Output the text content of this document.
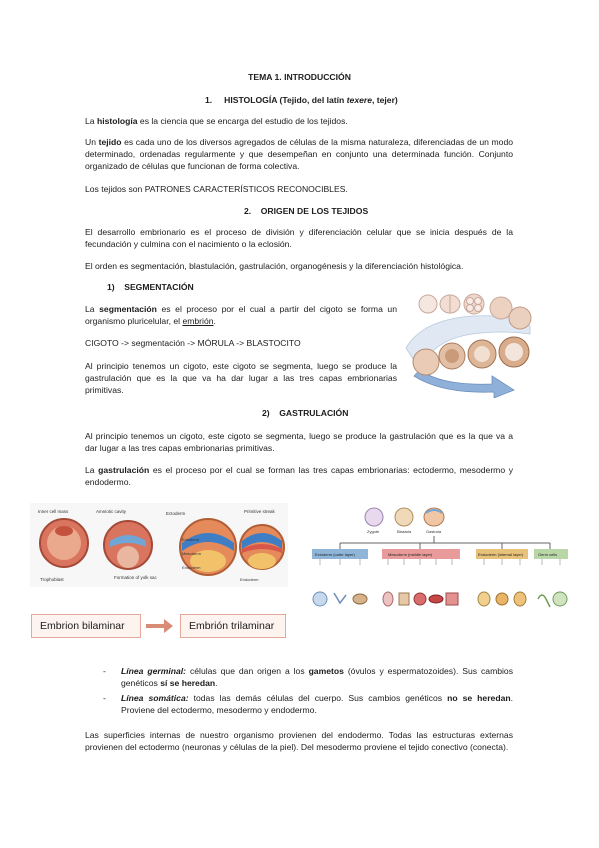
TEMA 1. INTRODUCCIÓN
1. HISTOLOGÍA (Tejido, del latín texere, tejer)
La histología es la ciencia que se encarga del estudio de los tejidos.
Un tejido es cada uno de los diversos agregados de células de la misma naturaleza, diferenciadas de un modo determinado, ordenadas regularmente y que desempeñan en conjunto una determinada función. Conjunto organizado de células que funcionan de forma colectiva.
Los tejidos son PATRONES CARACTERÍSTICOS RECONOCIBLES.
2. ORIGEN DE LOS TEJIDOS
El desarrollo embrionario es el proceso de división y diferenciación celular que se inicia después de la fecundación y culmina con el nacimiento o la eclosión.
El orden es segmentación, blastulación, gastrulación, organogénesis y la diferenciación histológica.
1) SEGMENTACIÓN
La segmentación es el proceso por el cual a partir del cigoto se forma un organismo pluricelular, el embrión.
CIGOTO -> segmentación -> MÓRULA -> BLASTOCITO
Al principio tenemos un cigoto, este cigoto se segmenta, luego se produce la gastrulación que es la que va ha dar lugar a las tres capas embrionarias primitivas.
2) GASTRULACIÓN
Al principio tenemos un cigoto, este cigoto se segmenta, luego se produce la gastrulación que es la que va a dar lugar a las tres capas embrionarias primitivas.
La gastrulación es el proceso por el cual se forman las tres capas embrionarias: ectodermo, mesodermo y endodermo.
Inner cell mass	Amniotic cavity	Ectoderm	Primitive streak
Trophoblast	Formation of yolk sac
Ectoderm
Mesoderm
Endoderm
Endoderm
Zygote	Blastula	Gastrula
Ectoderm (outer layer)	Mesoderm (middle layer)	Endoderm (internal layer)	Germ cells
Embrion bilaminar	Embrión trilaminar
- Línea germinal: células que dan origen a los gametos (óvulos y espermatozoides). Sus cambios genéticos sí se heredan.
- Línea somática: todas las demás células del cuerpo. Sus cambios genéticos no se heredan. Proviene del ectodermo, mesodermo y endodermo.
Las superficies internas de nuestro organismo provienen del endodermo. Todas las estructuras externas provienen del ectodermo (neuronas y células de la piel). Del mesodermo proviene el tejido conectivo (conecta).
